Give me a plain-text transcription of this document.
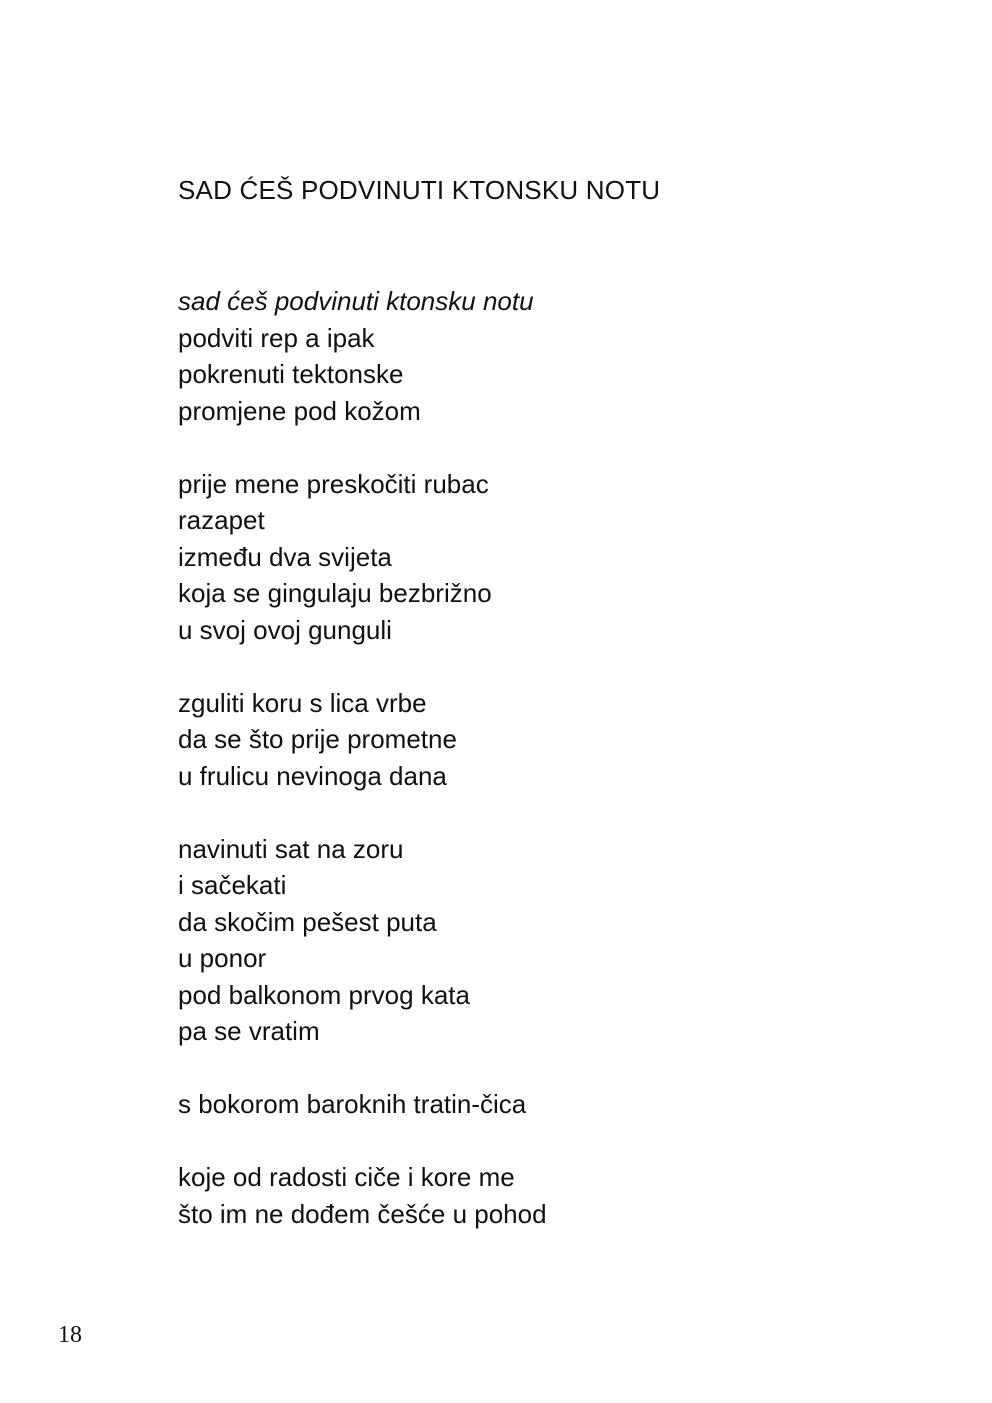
SAD ĆEŠ PODVINUTI KTONSKU NOTU
sad ćeš podvinuti ktonsku notu
podviti rep a ipak
pokrenuti tektonske
promjene pod kožom
prije mene preskočiti rubac
razapet
između dva svijeta
koja se gingulaju bezbrižno
u svoj ovoj gunguli
zguliti koru s lica vrbe
da se što prije prometne
u frulicu nevinoga dana
navinuti sat na zoru
i sačekati
da skočim pešest puta
u ponor
pod balkonom prvog kata
pa se vratim
s bokorom baroknih tratin-čica
koje od radosti ciče i kore me
što im ne dođem češće u pohod
18
